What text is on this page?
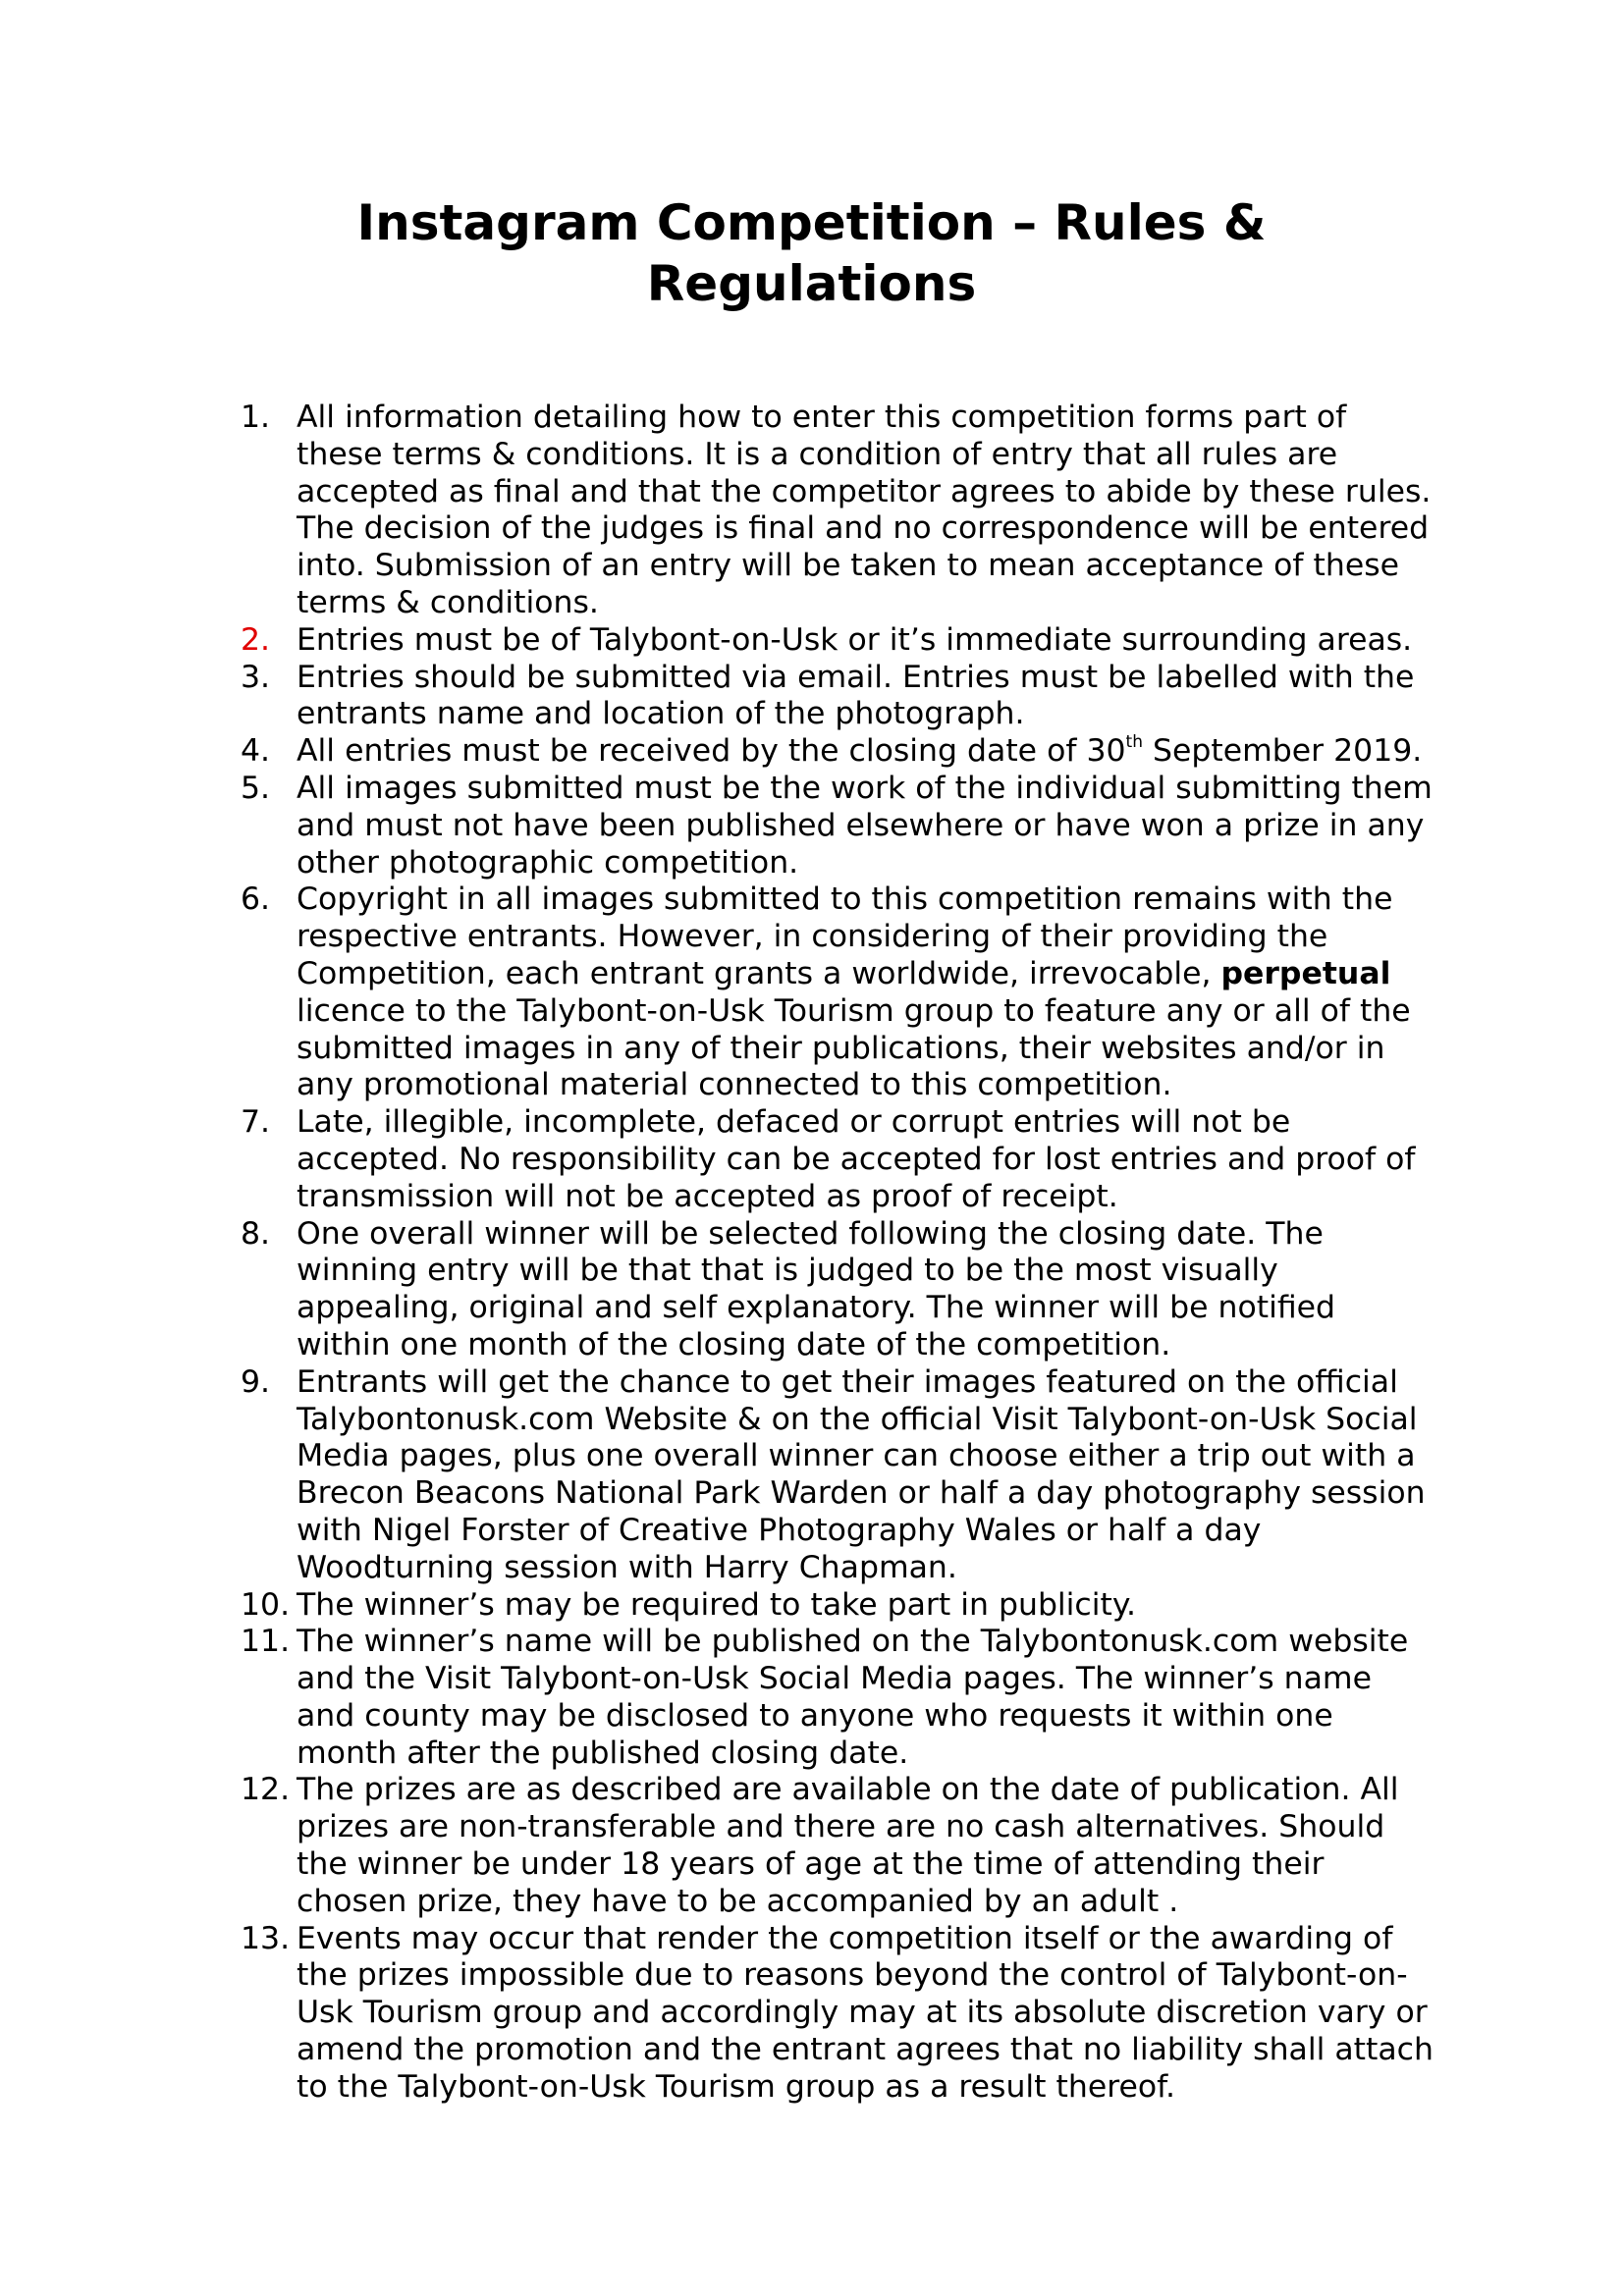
Instagram Competition – Rules &
Regulations
1. All information detailing how to enter this competition forms part of these terms & conditions. It is a condition of entry that all rules are accepted as final and that the competitor agrees to abide by these rules. The decision of the judges is final and no correspondence will be entered into. Submission of an entry will be taken to mean acceptance of these terms & conditions.
2. Entries must be of Talybont-on-Usk or it’s immediate surrounding areas.
3. Entries should be submitted via email. Entries must be labelled with the entrants name and location of the photograph.
4. All entries must be received by the closing date of 30th September 2019.
5. All images submitted must be the work of the individual submitting them and must not have been published elsewhere or have won a prize in any other photographic competition.
6. Copyright in all images submitted to this competition remains with the respective entrants. However, in considering of their providing the Competition, each entrant grants a worldwide, irrevocable, perpetual licence to the Talybont-on-Usk Tourism group to feature any or all of the submitted images in any of their publications, their websites and/or in any promotional material connected to this competition.
7. Late, illegible, incomplete, defaced or corrupt entries will not be accepted. No responsibility can be accepted for lost entries and proof of transmission will not be accepted as proof of receipt.
8. One overall winner will be selected following the closing date. The winning entry will be that that is judged to be the most visually appealing, original and self explanatory. The winner will be notified within one month of the closing date of the competition.
9. Entrants will get the chance to get their images featured on the official Talybontonusk.com Website & on the official Visit Talybont-on-Usk Social Media pages, plus one overall winner can choose either a trip out with a Brecon Beacons National Park Warden or half a day photography session with Nigel Forster of Creative Photography Wales or half a day Woodturning session with Harry Chapman.
10. The winner’s may be required to take part in publicity.
11. The winner’s name will be published on the Talybontonusk.com website and the Visit Talybont-on-Usk Social Media pages. The winner’s name and county may be disclosed to anyone who requests it within one month after the published closing date.
12. The prizes are as described are available on the date of publication. All prizes are non-transferable and there are no cash alternatives. Should the winner be under 18 years of age at the time of attending their chosen prize, they have to be accompanied by an adult .
13. Events may occur that render the competition itself or the awarding of the prizes impossible due to reasons beyond the control of Talybont-on-Usk Tourism group and accordingly may at its absolute discretion vary or amend the promotion and the entrant agrees that no liability shall attach to the Talybont-on-Usk Tourism group as a result thereof.
